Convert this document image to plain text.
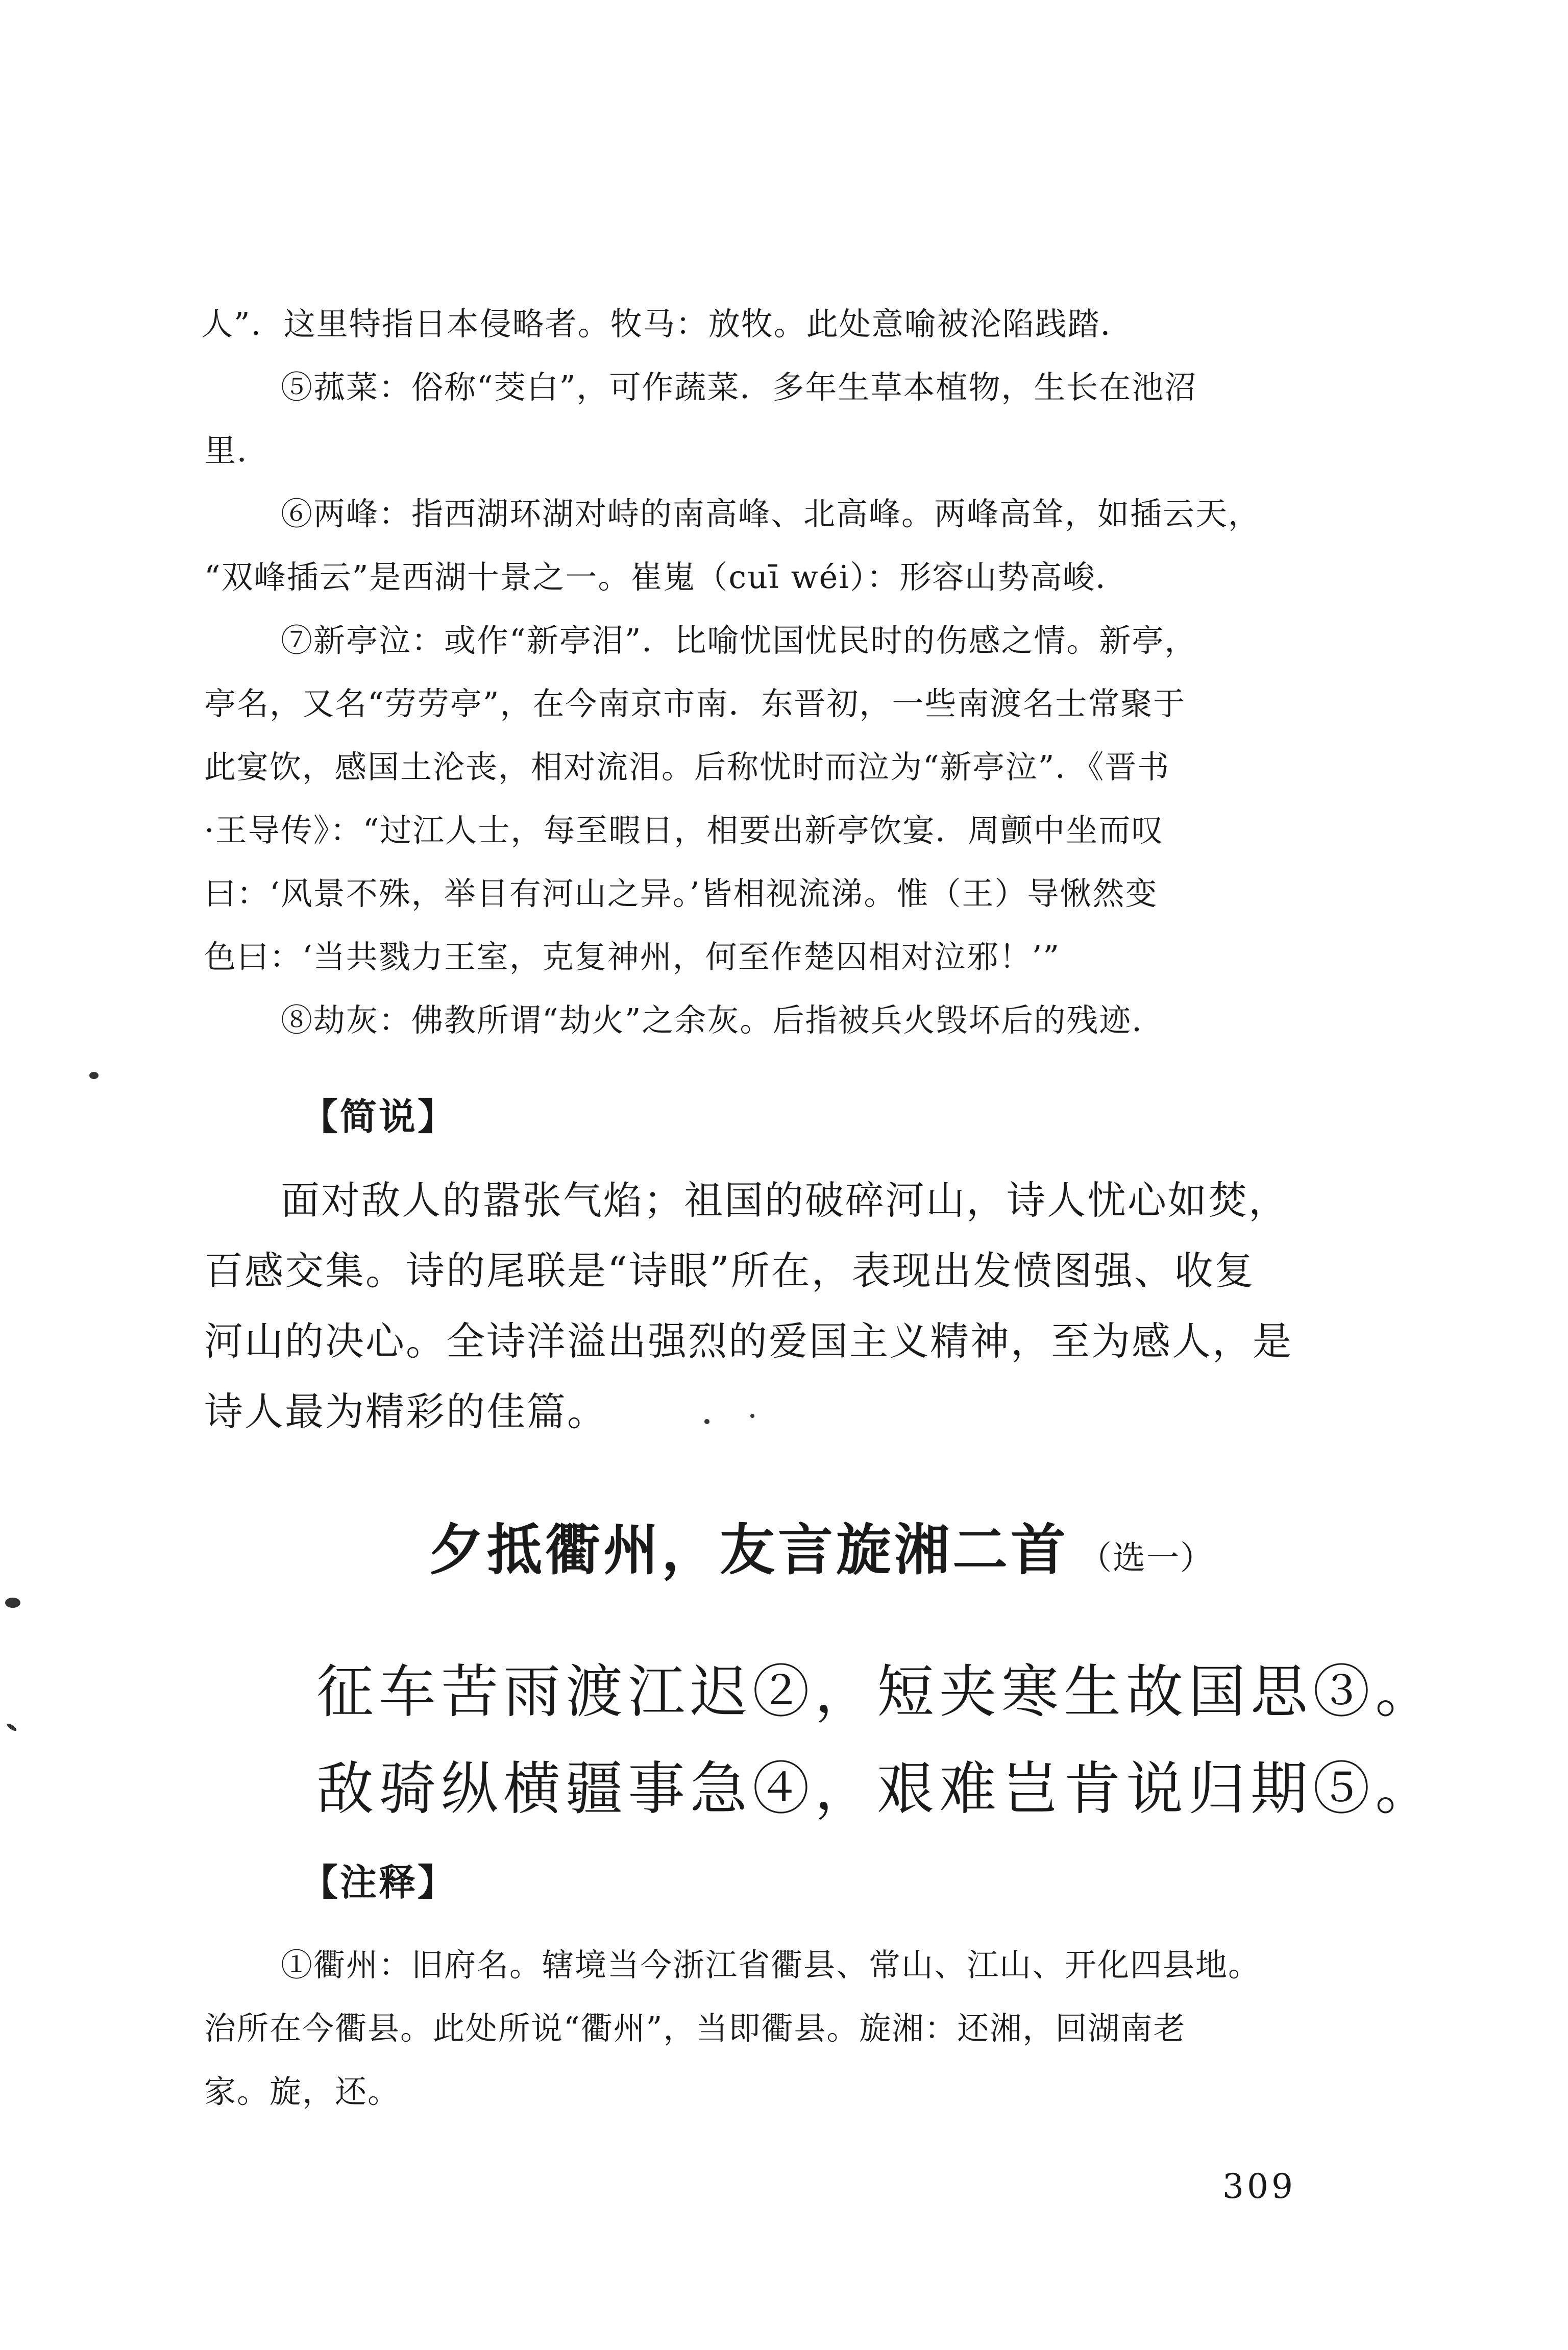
人”．这里特指日本侵略者。牧马：放牧。此处意喻被沦陷践踏．
⑤菰菜：俗称“茭白”，可作蔬菜．多年生草本植物，生长在池沼
里．
⑥两峰：指西湖环湖对峙的南高峰、北高峰。两峰高耸，如插云天，
“双峰插云”是西湖十景之一。崔嵬（cuī wéi）：形容山势高峻．
⑦新亭泣：或作“新亭泪”．比喻忧国忧民时的伤感之情。新亭，
亭名，又名“劳劳亭”，在今南京市南．东晋初，一些南渡名士常聚于
此宴饮，感国土沦丧，相对流泪。后称忧时而泣为“新亭泣”．《晋书
·王导传》：“过江人士，每至暇日，相要出新亭饮宴．周颤中坐而叹
曰：‘风景不殊，举目有河山之异。’皆相视流涕。惟（王）导愀然变
色曰：‘当共戮力王室，克复神州，何至作楚囚相对泣邪！’”
⑧劫灰：佛教所谓“劫火”之余灰。后指被兵火毁坏后的残迹．
【简说】
面对敌人的嚣张气焰；祖国的破碎河山，诗人忧心如焚，
百感交集。诗的尾联是“诗眼”所在，表现出发愤图强、收复
河山的决心。全诗洋溢出强烈的爱国主义精神，至为感人，是
诗人最为精彩的佳篇。
夕抵衢州，友言旋湘二首 （选一）
征车苦雨渡江迟②，短夹寒生故国思③。
敌骑纵横疆事急④，艰难岂肯说归期⑤。
【注释】
①衢州：旧府名。辖境当今浙江省衢县、常山、江山、开化四县地。
治所在今衢县。此处所说“衢州”，当即衢县。旋湘：还湘，回湖南老
家。旋，还。
309
